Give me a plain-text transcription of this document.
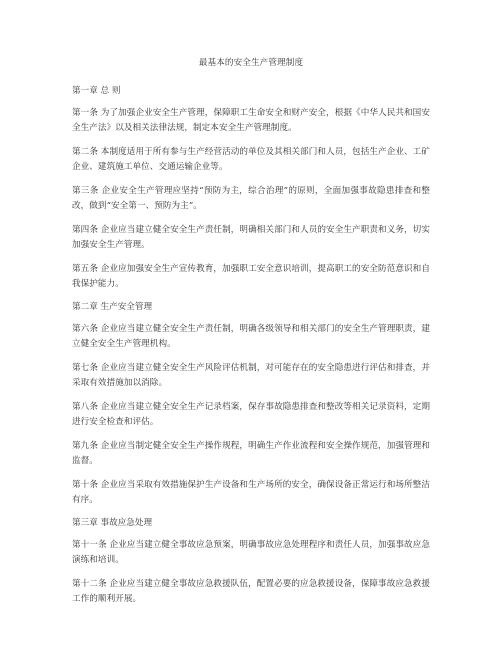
最基本的安全生产管理制度
第一章 总 则
第一条 为了加强企业安全生产管理，保障职工生命安全和财产安全，根据《中华人民共和国安全生产法》以及相关法律法规，制定本安全生产管理制度。
第二条 本制度适用于所有参与生产经营活动的单位及其相关部门和人员，包括生产企业、工矿企业、建筑施工单位、交通运输企业等。
第三条 企业安全生产管理应坚持“预防为主，综合治理”的原则，全面加强事故隐患排查和整改，做到“安全第一、预防为主”。
第四条 企业应当建立健全安全生产责任制，明确相关部门和人员的安全生产职责和义务，切实加强安全生产管理。
第五条 企业应加强安全生产宣传教育，加强职工安全意识培训，提高职工的安全防范意识和自我保护能力。
第二章 生产安全管理
第六条 企业应当建立健全安全生产责任制，明确各级领导和相关部门的安全生产管理职责，建立健全安全生产管理机构。
第七条 企业应当建立健全安全生产风险评估机制，对可能存在的安全隐患进行评估和排查，并采取有效措施加以消除。
第八条 企业应当建立健全安全生产记录档案，保存事故隐患排查和整改等相关记录资料，定期进行安全检查和评估。
第九条 企业应当制定健全安全生产操作规程，明确生产作业流程和安全操作规范，加强管理和监督。
第十条 企业应当采取有效措施保护生产设备和生产场所的安全，确保设备正常运行和场所整洁有序。
第三章 事故应急处理
第十一条 企业应当建立健全事故应急预案，明确事故应急处理程序和责任人员，加强事故应急演练和培训。
第十二条 企业应当建立健全事故应急救援队伍，配置必要的应急救援设备，保障事故应急救援工作的顺利开展。
